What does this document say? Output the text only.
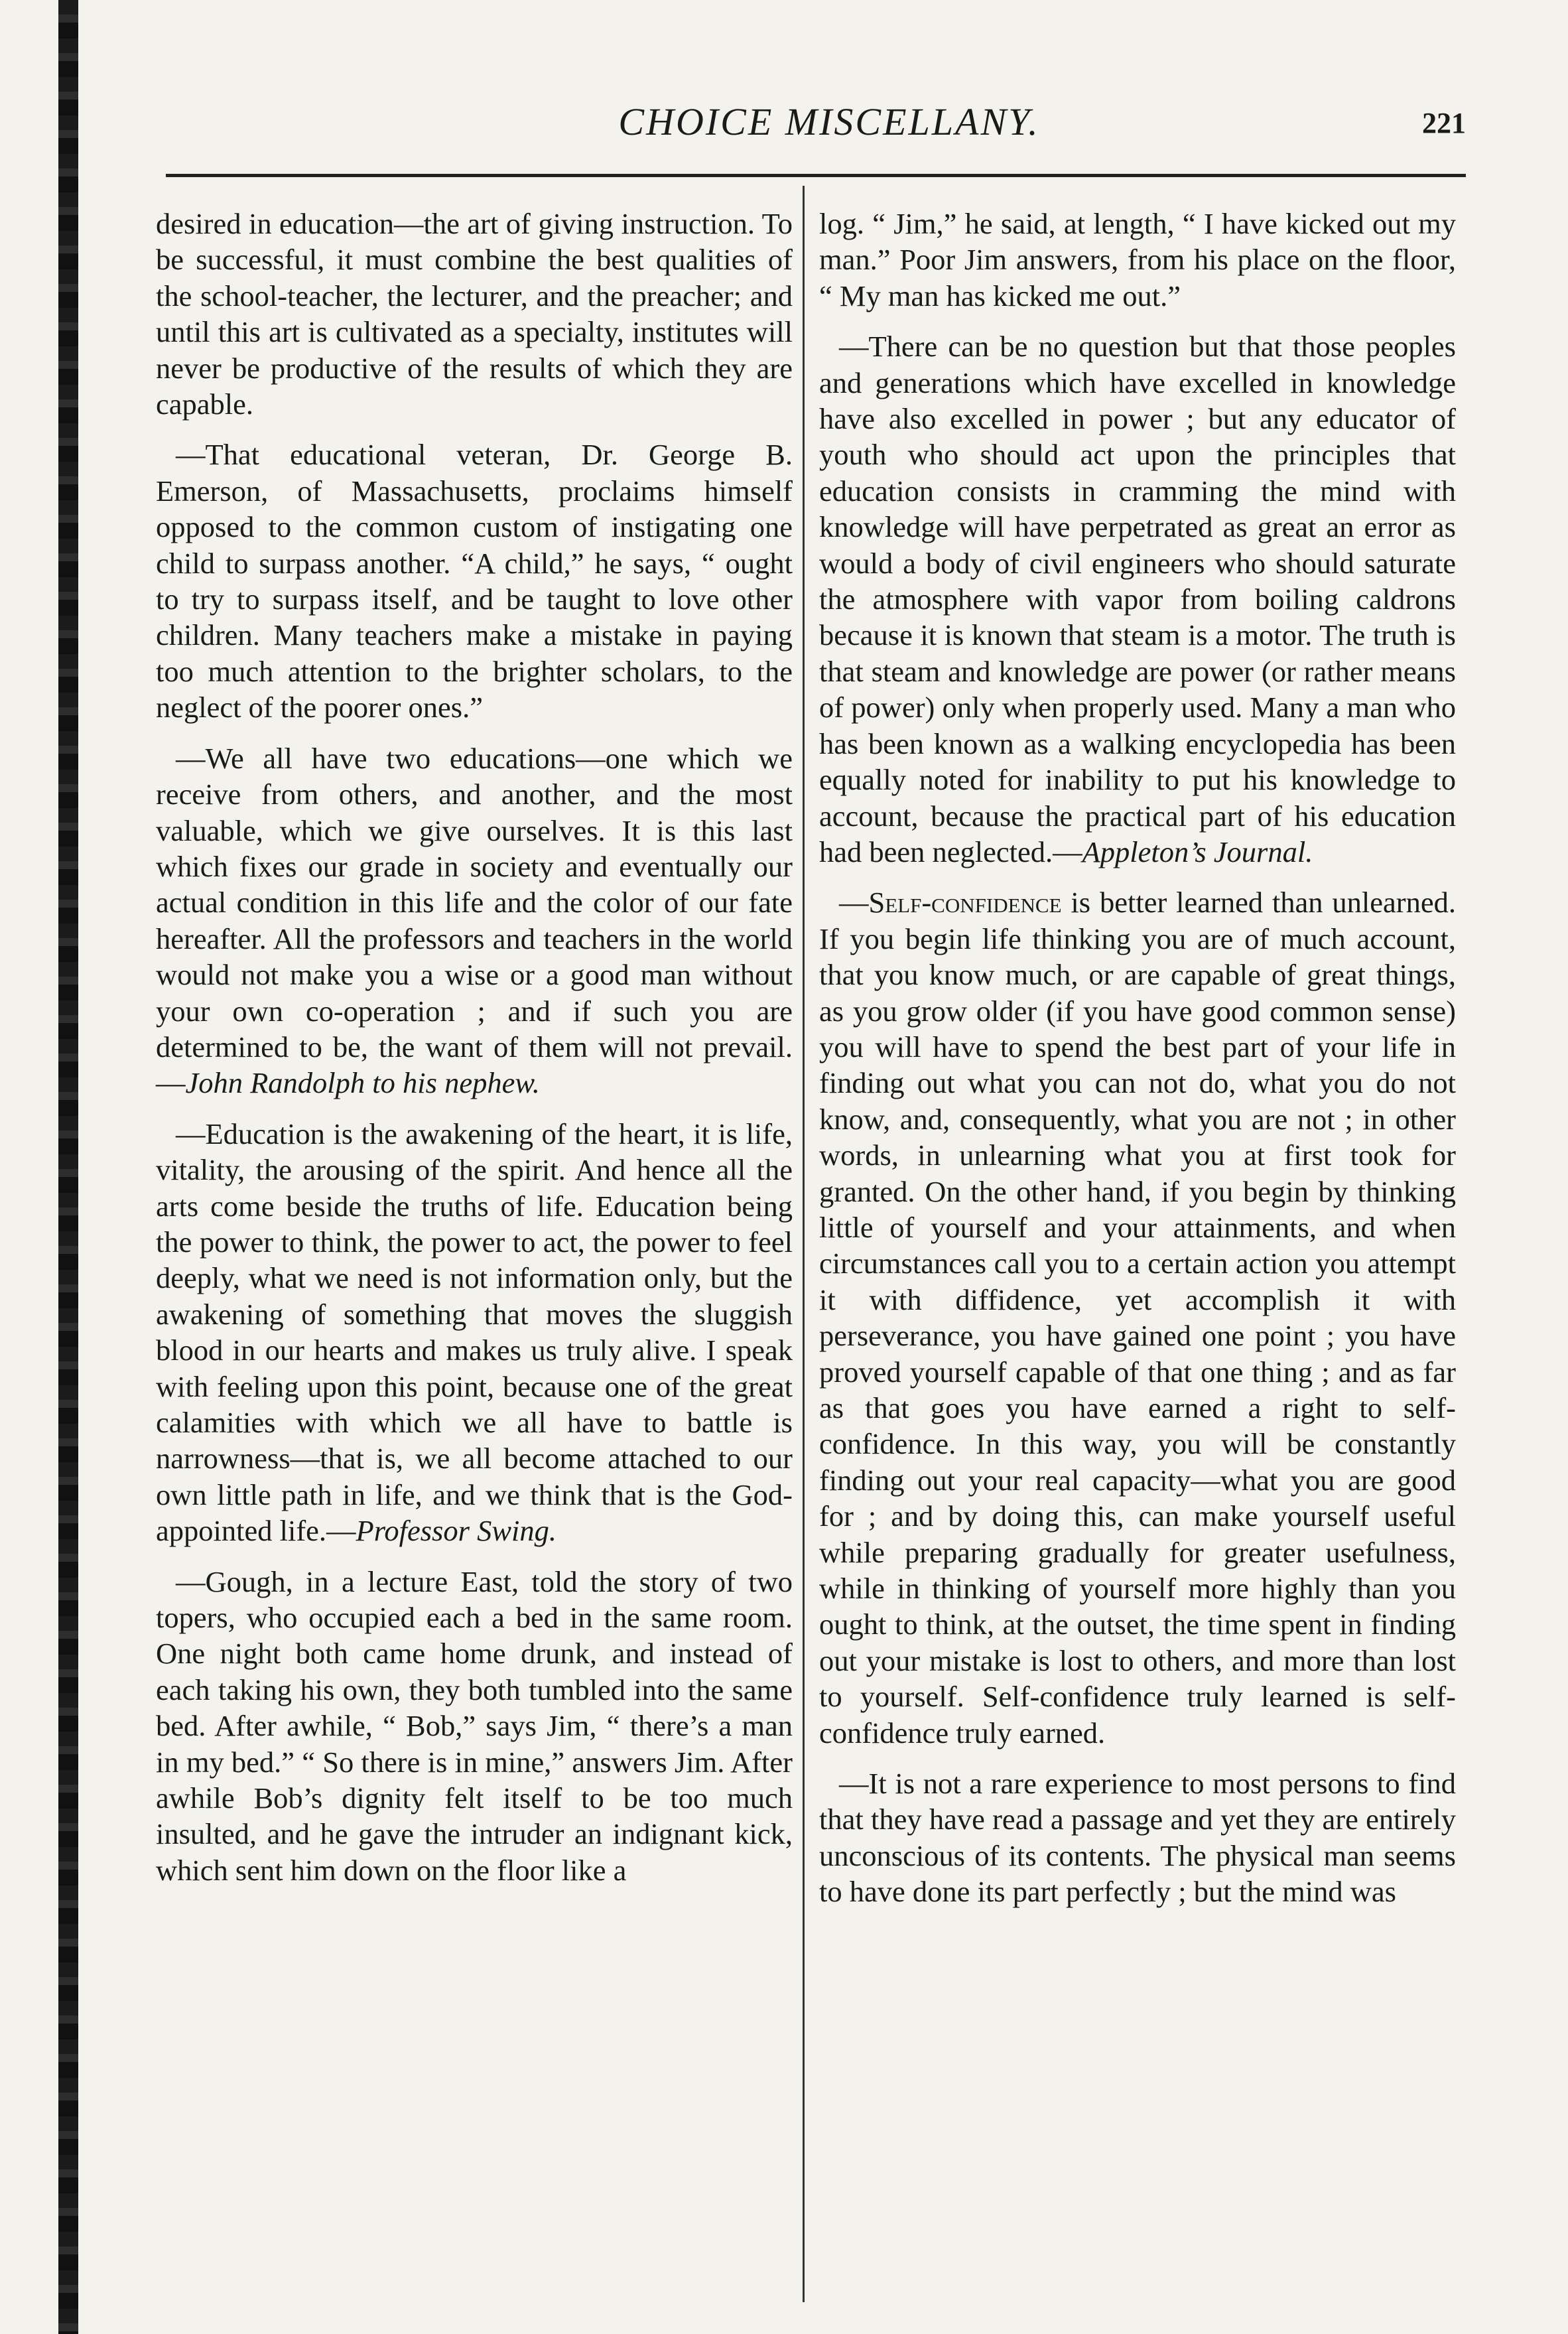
CHOICE MISCELLANY.	221

desired in education—the art of giving instruction. To be successful, it must combine the best qualities of the school-teacher, the lecturer, and the preacher; and until this art is cultivated as a specialty, institutes will never be productive of the results of which they are capable.

—That educational veteran, Dr. George B. Emerson, of Massachusetts, proclaims himself opposed to the common custom of instigating one child to surpass another. “A child,” he says, “ ought to try to surpass itself, and be taught to love other children. Many teachers make a mistake in paying too much attention to the brighter scholars, to the neglect of the poorer ones.”

—We all have two educations—one which we receive from others, and another, and the most valuable, which we give ourselves. It is this last which fixes our grade in society and eventually our actual condition in this life and the color of our fate hereafter. All the professors and teachers in the world would not make you a wise or a good man without your own co-operation ; and if such you are determined to be, the want of them will not prevail.—John Randolph to his nephew.

—Education is the awakening of the heart, it is life, vitality, the arousing of the spirit. And hence all the arts come beside the truths of life. Education being the power to think, the power to act, the power to feel deeply, what we need is not information only, but the awakening of something that moves the sluggish blood in our hearts and makes us truly alive. I speak with feeling upon this point, because one of the great calamities with which we all have to battle is narrowness—that is, we all become attached to our own little path in life, and we think that is the God-appointed life.—Professor Swing.

—Gough, in a lecture East, told the story of two topers, who occupied each a bed in the same room. One night both came home drunk, and instead of each taking his own, they both tumbled into the same bed. After awhile, “ Bob,” says Jim, “ there’s a man in my bed.” “ So there is in mine,” answers Jim. After awhile Bob’s dignity felt itself to be too much insulted, and he gave the intruder an indignant kick, which sent him down on the floor like a

log. “ Jim,” he said, at length, “ I have kicked out my man.” Poor Jim answers, from his place on the floor, “ My man has kicked me out.”

—There can be no question but that those peoples and generations which have excelled in knowledge have also excelled in power ; but any educator of youth who should act upon the principles that education consists in cramming the mind with knowledge will have perpetrated as great an error as would a body of civil engineers who should saturate the atmosphere with vapor from boiling caldrons because it is known that steam is a motor. The truth is that steam and knowledge are power (or rather means of power) only when properly used. Many a man who has been known as a walking encyclopedia has been equally noted for inability to put his knowledge to account, because the practical part of his education had been neglected.—Appleton’s Journal.

—Self-confidence is better learned than unlearned. If you begin life thinking you are of much account, that you know much, or are capable of great things, as you grow older (if you have good common sense) you will have to spend the best part of your life in finding out what you can not do, what you do not know, and, consequently, what you are not ; in other words, in unlearning what you at first took for granted. On the other hand, if you begin by thinking little of yourself and your attainments, and when circumstances call you to a certain action you attempt it with diffidence, yet accomplish it with perseverance, you have gained one point ; you have proved yourself capable of that one thing ; and as far as that goes you have earned a right to self-confidence. In this way, you will be constantly finding out your real capacity—what you are good for ; and by doing this, can make yourself useful while preparing gradually for greater usefulness, while in thinking of yourself more highly than you ought to think, at the outset, the time spent in finding out your mistake is lost to others, and more than lost to yourself. Self-confidence truly learned is self-confidence truly earned.

—It is not a rare experience to most persons to find that they have read a passage and yet they are entirely unconscious of its contents. The physical man seems to have done its part perfectly ; but the mind was
